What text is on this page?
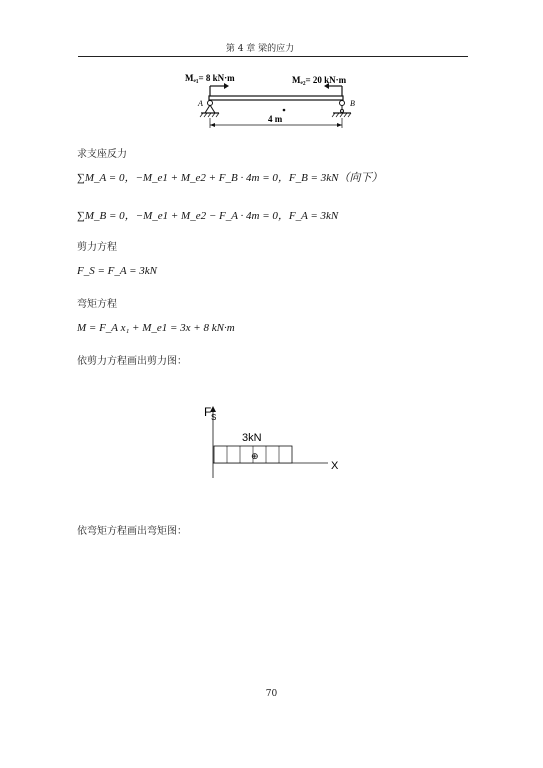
第 4 章 梁的应力
Mₑ₁= 8 kN·m	Mₑ₂= 20 kN·m
A	B
4 m
求支座反力
∑M_A = 0，−M_e1 + M_e2 + F_B · 4m = 0，F_B = 3kN（向下）
∑M_B = 0，−M_e1 + M_e2 − F_A · 4m = 0，F_A = 3kN
剪力方程
F_S = F_A = 3kN
弯矩方程
M = F_A x₁ + M_e1 = 3x + 8 kN·m
依剪力方程画出剪力图：
F S
X
3kN
⊕
依弯矩方程画出弯矩图：
70
